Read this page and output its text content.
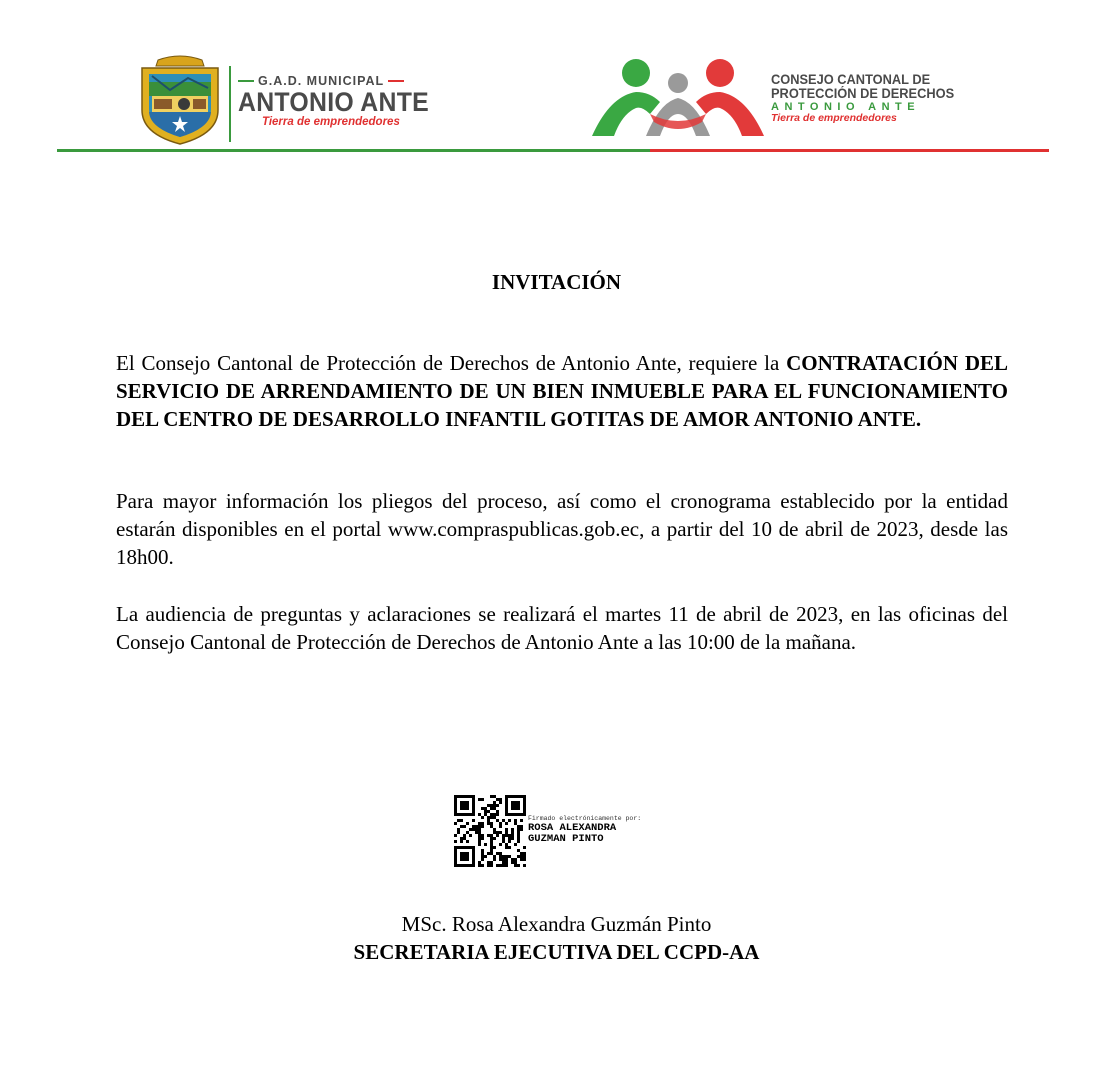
G.A.D. MUNICIPAL
ANTONIO ANTE
Tierra de emprendedores
CONSEJO CANTONAL DE
PROTECCIÓN DE DERECHOS
ANTONIO ANTE
Tierra de emprendedores
INVITACIÓN
El Consejo Cantonal de Protección de Derechos de Antonio Ante, requiere la CONTRATACIÓN DEL SERVICIO DE ARRENDAMIENTO DE UN BIEN INMUEBLE PARA EL FUNCIONAMIENTO DEL CENTRO DE DESARROLLO INFANTIL GOTITAS DE AMOR ANTONIO ANTE.
Para mayor información los pliegos del proceso, así como el cronograma establecido por la entidad estarán disponibles en el portal www.compraspublicas.gob.ec, a partir del 10 de abril de 2023, desde las 18h00.
La audiencia de preguntas y aclaraciones se realizará el martes 11 de abril de 2023, en las oficinas del Consejo Cantonal de Protección de Derechos de Antonio Ante a las 10:00 de la mañana.
Firmado electrónicamente por:
ROSA ALEXANDRA
GUZMAN PINTO
MSc. Rosa Alexandra Guzmán Pinto
SECRETARIA EJECUTIVA DEL CCPD-AA
